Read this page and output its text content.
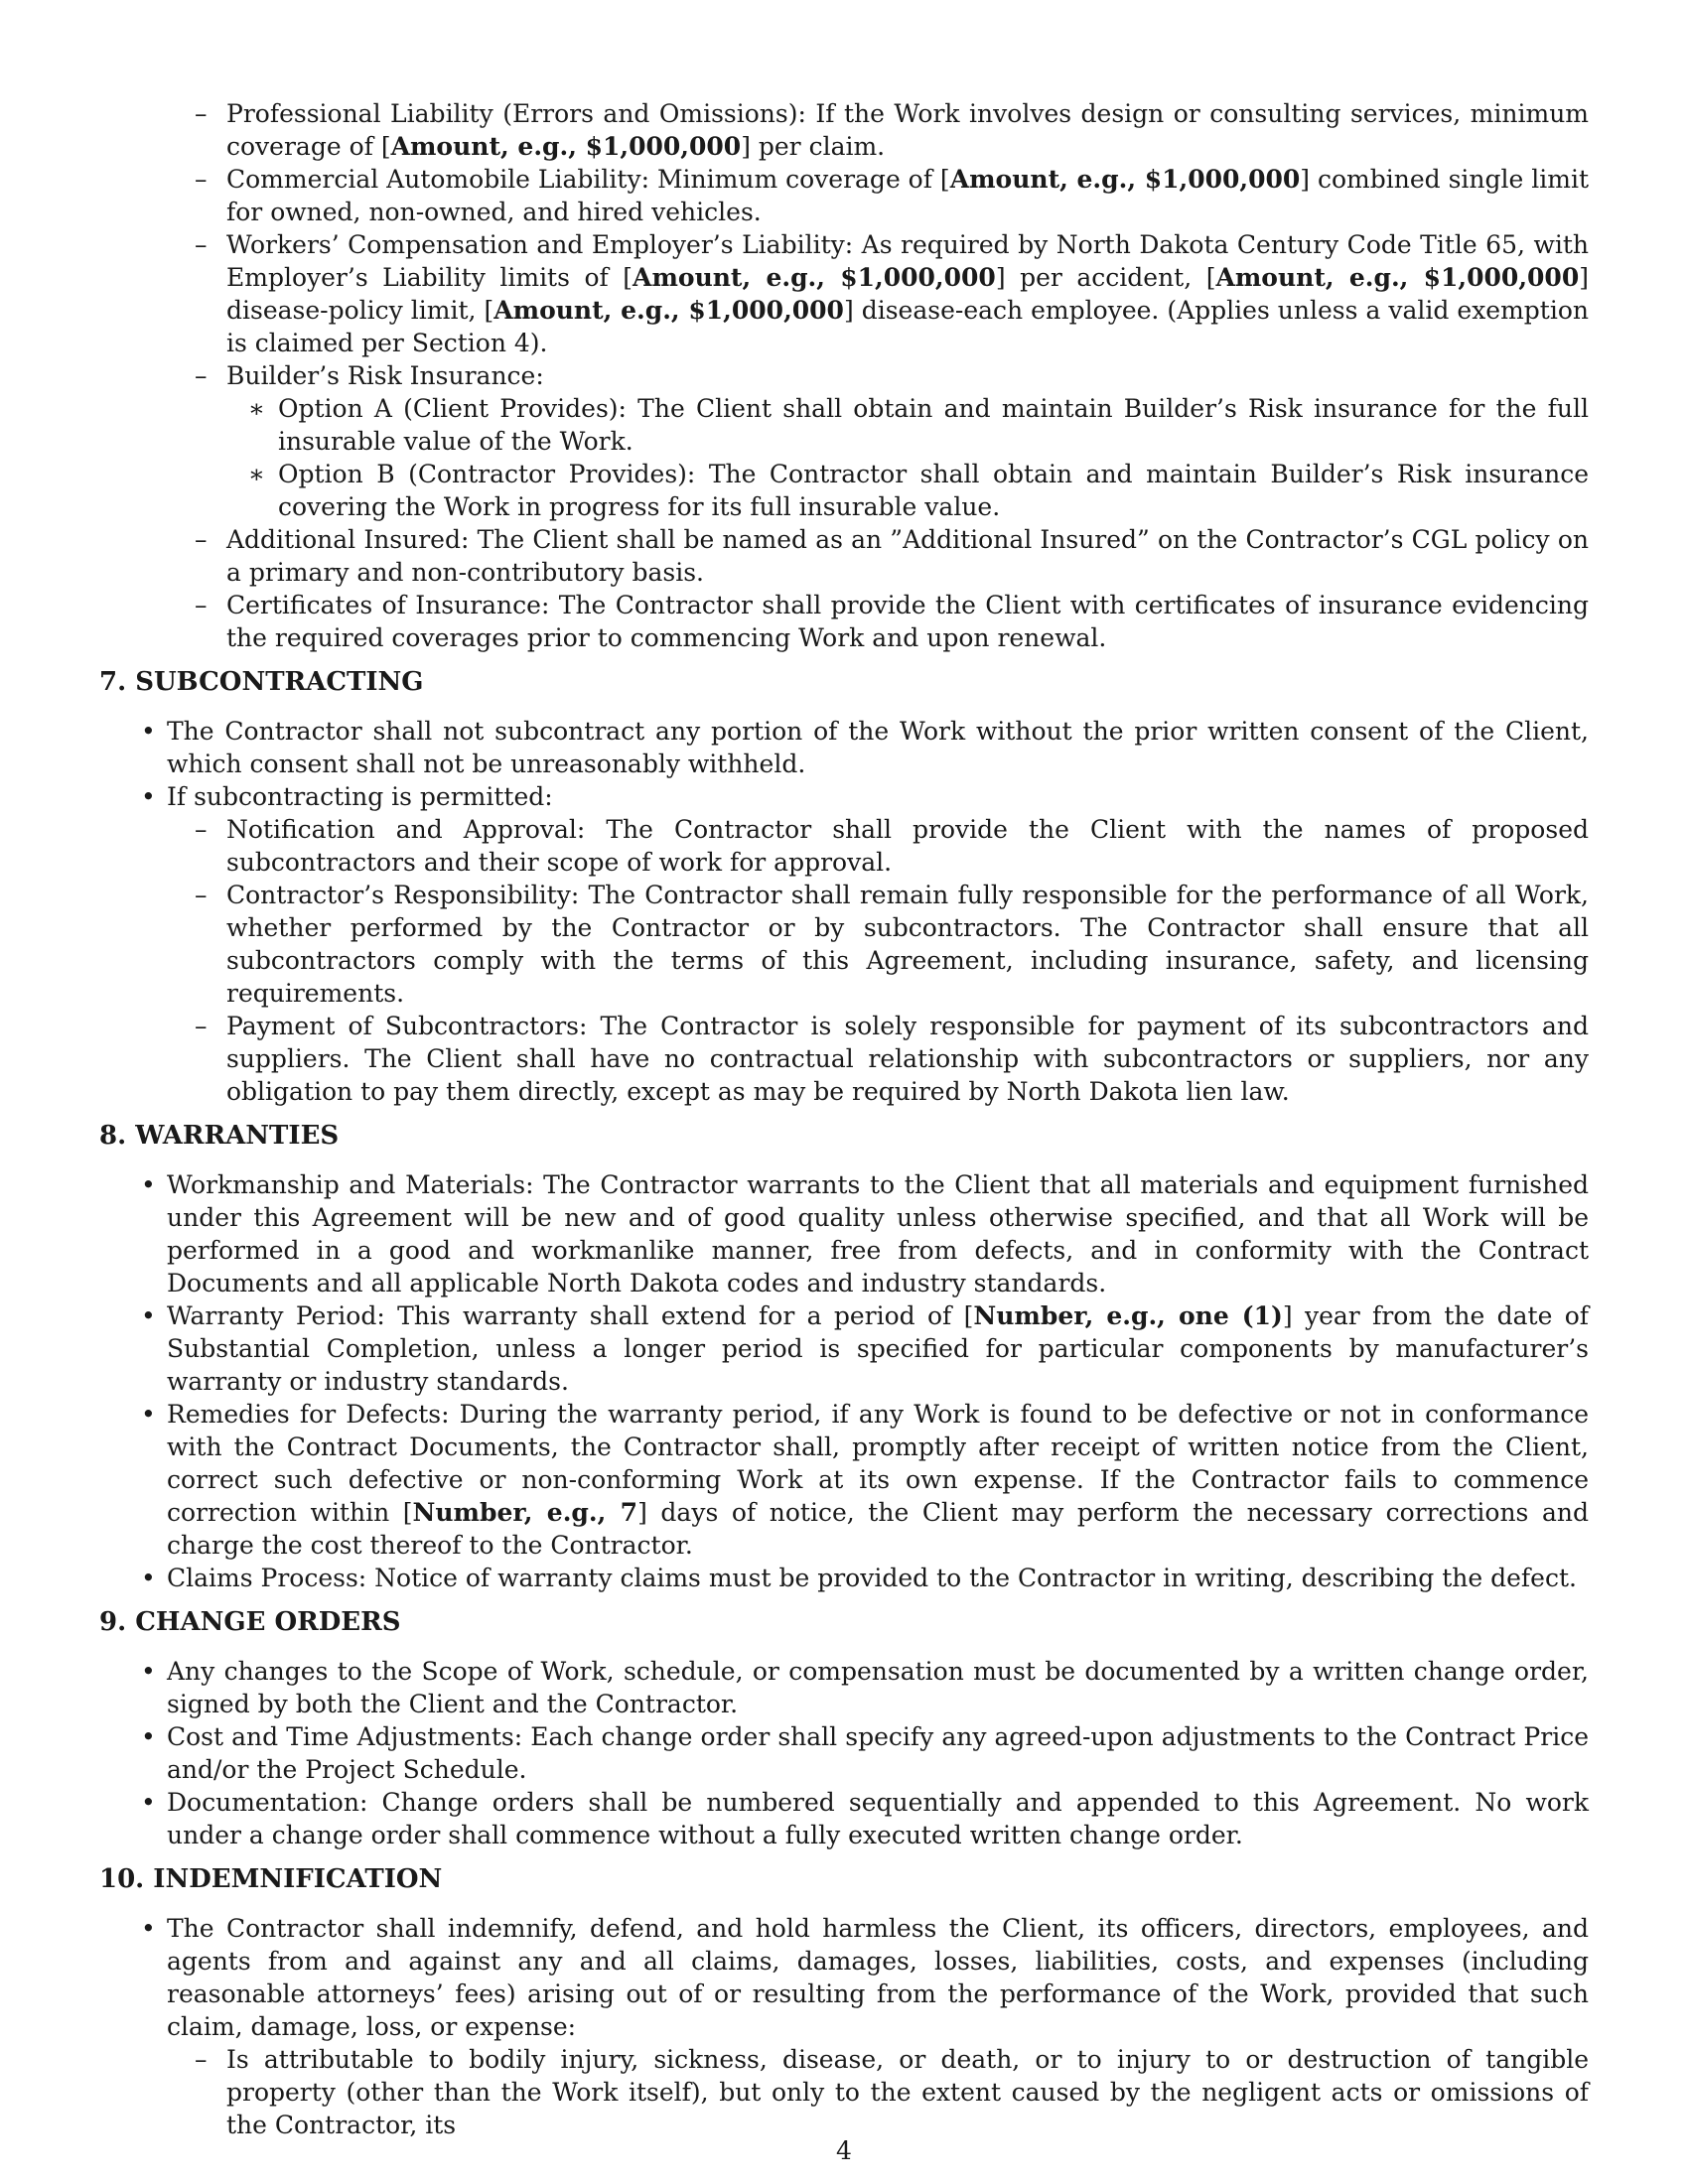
– Professional Liability (Errors and Omissions): If the Work involves design or consulting services, minimum coverage of [Amount, e.g., $1,000,000] per claim.
– Commercial Automobile Liability: Minimum coverage of [Amount, e.g., $1,000,000] combined single limit for owned, non-owned, and hired vehicles.
– Workers’ Compensation and Employer’s Liability: As required by North Dakota Century Code Title 65, with Employer’s Liability limits of [Amount, e.g., $1,000,000] per accident, [Amount, e.g., $1,000,000] disease-policy limit, [Amount, e.g., $1,000,000] disease-each employee. (Applies unless a valid exemption is claimed per Section 4).
– Builder’s Risk Insurance:
∗ Option A (Client Provides): The Client shall obtain and maintain Builder’s Risk insurance for the full insurable value of the Work.
∗ Option B (Contractor Provides): The Contractor shall obtain and maintain Builder’s Risk insurance covering the Work in progress for its full insurable value.
– Additional Insured: The Client shall be named as an ”Additional Insured” on the Contractor’s CGL policy on a primary and non-contributory basis.
– Certificates of Insurance: The Contractor shall provide the Client with certificates of insurance evidencing the required coverages prior to commencing Work and upon renewal.
7. SUBCONTRACTING
• The Contractor shall not subcontract any portion of the Work without the prior written consent of the Client, which consent shall not be unreasonably withheld.
• If subcontracting is permitted:
– Notification and Approval: The Contractor shall provide the Client with the names of proposed subcontractors and their scope of work for approval.
– Contractor’s Responsibility: The Contractor shall remain fully responsible for the performance of all Work, whether performed by the Contractor or by subcontractors. The Contractor shall ensure that all subcontractors comply with the terms of this Agreement, including insurance, safety, and licensing requirements.
– Payment of Subcontractors: The Contractor is solely responsible for payment of its subcontractors and suppliers. The Client shall have no contractual relationship with subcontractors or suppliers, nor any obligation to pay them directly, except as may be required by North Dakota lien law.
8. WARRANTIES
• Workmanship and Materials: The Contractor warrants to the Client that all materials and equipment furnished under this Agreement will be new and of good quality unless otherwise specified, and that all Work will be performed in a good and workmanlike manner, free from defects, and in conformity with the Contract Documents and all applicable North Dakota codes and industry standards.
• Warranty Period: This warranty shall extend for a period of [Number, e.g., one (1)] year from the date of Substantial Completion, unless a longer period is specified for particular components by manufacturer’s warranty or industry standards.
• Remedies for Defects: During the warranty period, if any Work is found to be defective or not in conformance with the Contract Documents, the Contractor shall, promptly after receipt of written notice from the Client, correct such defective or non-conforming Work at its own expense. If the Contractor fails to commence correction within [Number, e.g., 7] days of notice, the Client may perform the necessary corrections and charge the cost thereof to the Contractor.
• Claims Process: Notice of warranty claims must be provided to the Contractor in writing, describing the defect.
9. CHANGE ORDERS
• Any changes to the Scope of Work, schedule, or compensation must be documented by a written change order, signed by both the Client and the Contractor.
• Cost and Time Adjustments: Each change order shall specify any agreed-upon adjustments to the Contract Price and/or the Project Schedule.
• Documentation: Change orders shall be numbered sequentially and appended to this Agreement. No work under a change order shall commence without a fully executed written change order.
10. INDEMNIFICATION
• The Contractor shall indemnify, defend, and hold harmless the Client, its officers, directors, employees, and agents from and against any and all claims, damages, losses, liabilities, costs, and expenses (including reasonable attorneys’ fees) arising out of or resulting from the performance of the Work, provided that such claim, damage, loss, or expense:
– Is attributable to bodily injury, sickness, disease, or death, or to injury to or destruction of tangible property (other than the Work itself), but only to the extent caused by the negligent acts or omissions of the Contractor, its
4
